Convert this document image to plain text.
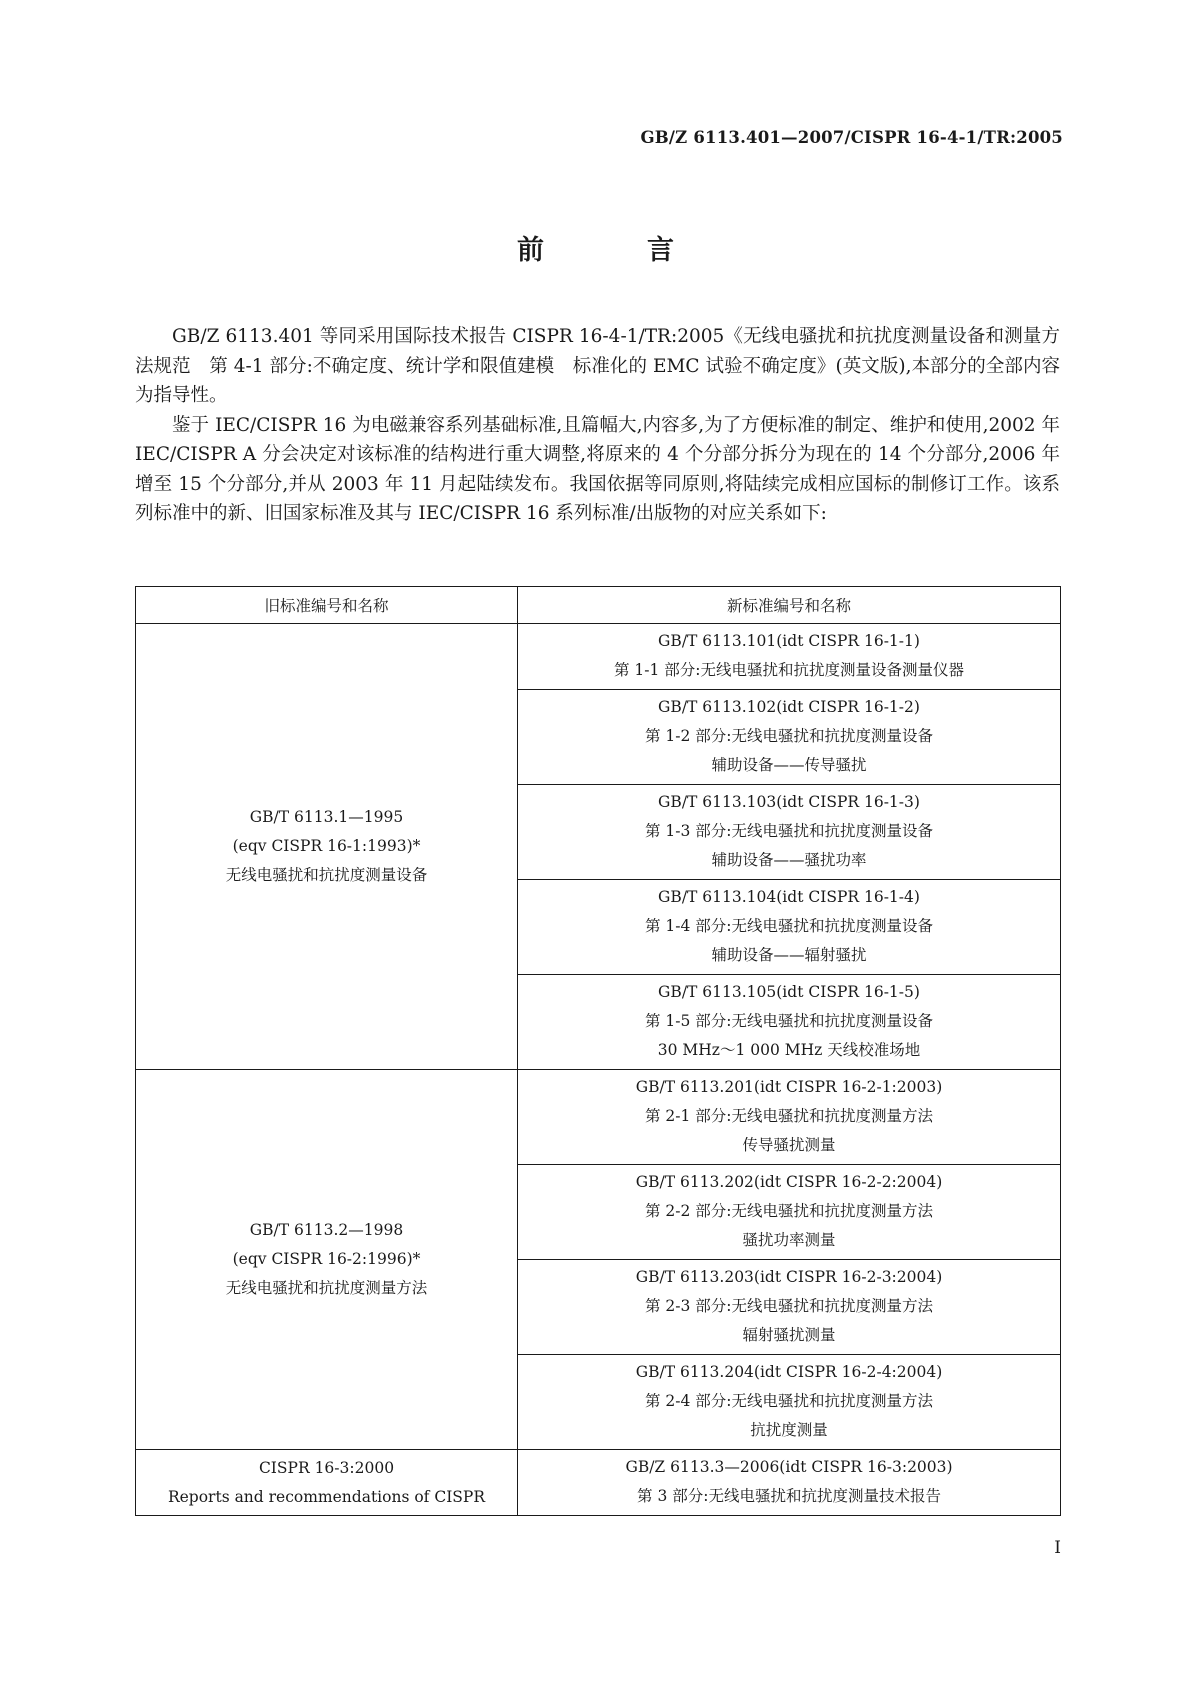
GB/Z 6113.401—2007/CISPR 16-4-1/TR:2005
前　言

GB/Z 6113.401 等同采用国际技术报告 CISPR 16-4-1/TR:2005《无线电骚扰和抗扰度测量设备和测量方法规范　第 4-1 部分:不确定度、统计学和限值建模　标准化的 EMC 试验不确定度》(英文版),本部分的全部内容为指导性。

鉴于 IEC/CISPR 16 为电磁兼容系列基础标准,且篇幅大,内容多,为了方便标准的制定、维护和使用,2002 年 IEC/CISPR A 分会决定对该标准的结构进行重大调整,将原来的 4 个分部分拆分为现在的 14 个分部分,2006 年增至 15 个分部分,并从 2003 年 11 月起陆续发布。我国依据等同原则,将陆续完成相应国标的制修订工作。该系列标准中的新、旧国家标准及其与 IEC/CISPR 16 系列标准/出版物的对应关系如下:

旧标准编号和名称	新标准编号和名称

GB/T 6113.1—1995
(eqv CISPR 16-1:1993)*
无线电骚扰和抗扰度测量设备	GB/T 6113.101(idt CISPR 16-1-1)
第 1-1 部分:无线电骚扰和抗扰度测量设备测量仪器

	GB/T 6113.102(idt CISPR 16-1-2)
第 1-2 部分:无线电骚扰和抗扰度测量设备
辅助设备——传导骚扰

	GB/T 6113.103(idt CISPR 16-1-3)
第 1-3 部分:无线电骚扰和抗扰度测量设备
辅助设备——骚扰功率

	GB/T 6113.104(idt CISPR 16-1-4)
第 1-4 部分:无线电骚扰和抗扰度测量设备
辅助设备——辐射骚扰

	GB/T 6113.105(idt CISPR 16-1-5)
第 1-5 部分:无线电骚扰和抗扰度测量设备
30 MHz～1 000 MHz 天线校准场地

GB/T 6113.2—1998
(eqv CISPR 16-2:1996)*
无线电骚扰和抗扰度测量方法	GB/T 6113.201(idt CISPR 16-2-1:2003)
第 2-1 部分:无线电骚扰和抗扰度测量方法
传导骚扰测量

	GB/T 6113.202(idt CISPR 16-2-2:2004)
第 2-2 部分:无线电骚扰和抗扰度测量方法
骚扰功率测量

	GB/T 6113.203(idt CISPR 16-2-3:2004)
第 2-3 部分:无线电骚扰和抗扰度测量方法
辐射骚扰测量

	GB/T 6113.204(idt CISPR 16-2-4:2004)
第 2-4 部分:无线电骚扰和抗扰度测量方法
抗扰度测量

CISPR 16-3:2000
Reports and recommendations of CISPR	GB/Z 6113.3—2006(idt CISPR 16-3:2003)
第 3 部分:无线电骚扰和抗扰度测量技术报告
I
